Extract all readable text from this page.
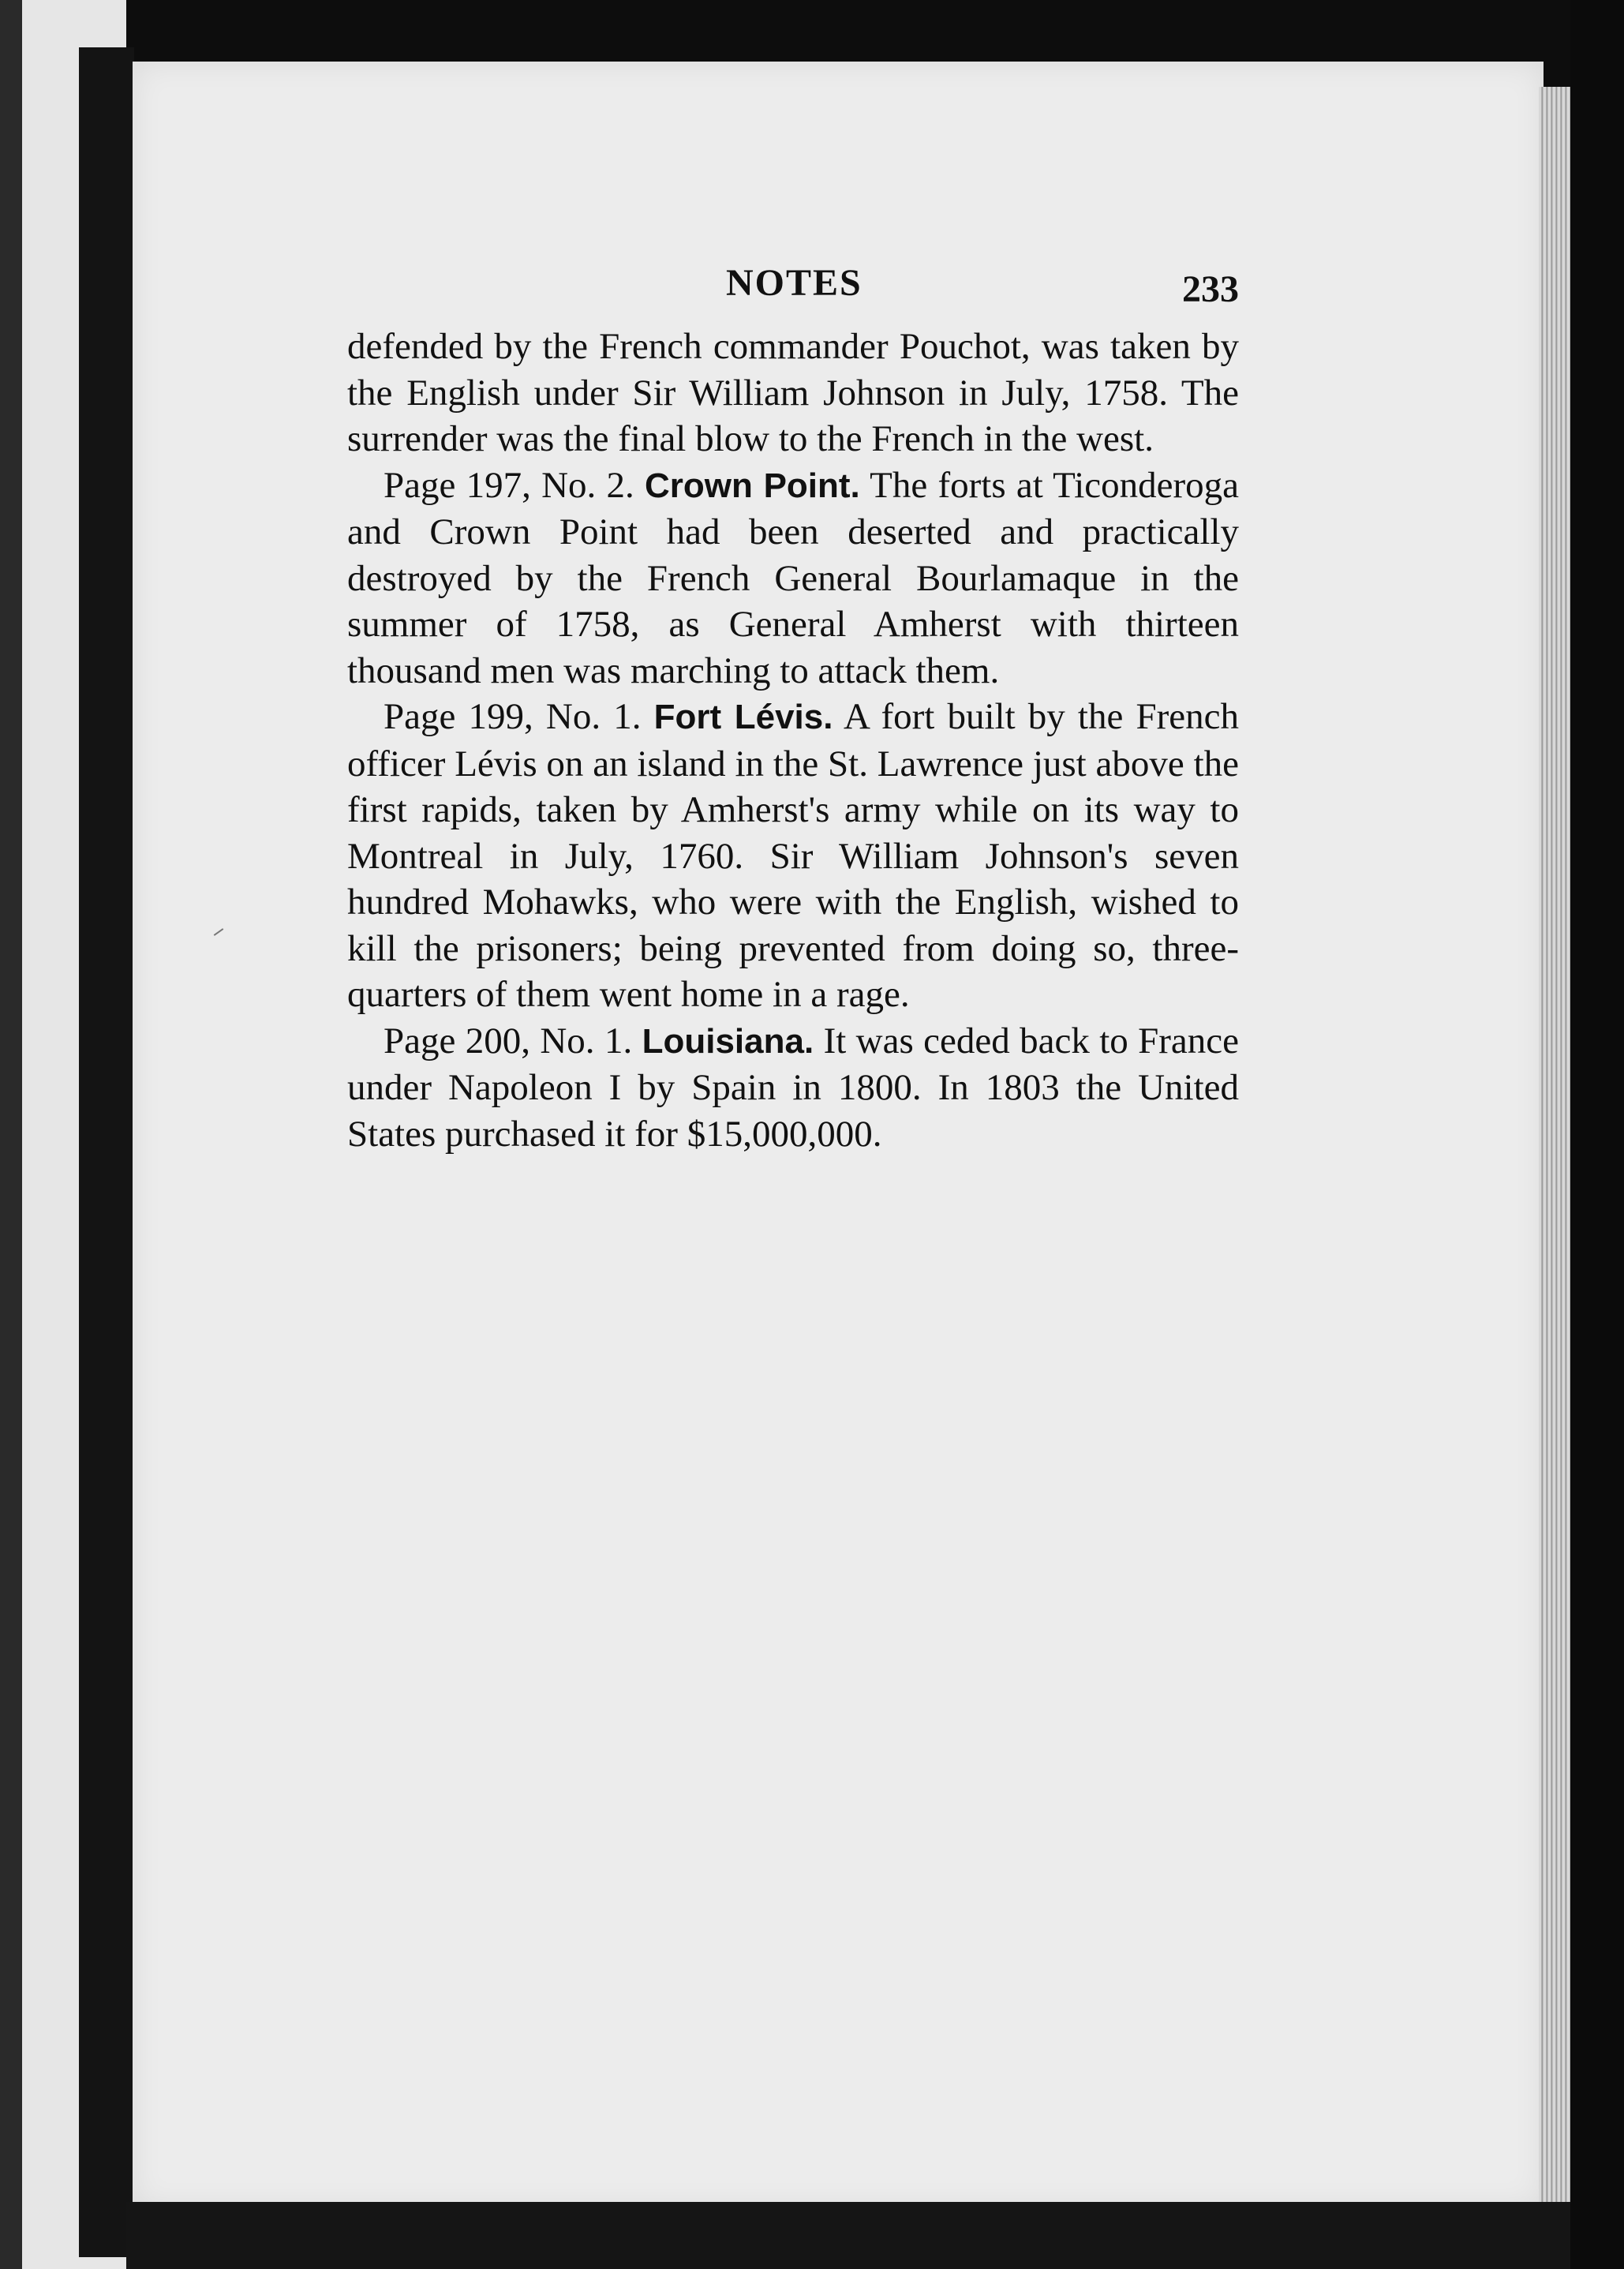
NOTES	233

defended by the French commander Pouchot, was taken by the English under Sir William Johnson in July, 1758. The surrender was the final blow to the French in the west.

Page 197, No. 2. Crown Point. The forts at Ticonderoga and Crown Point had been deserted and practically destroyed by the French General Bourlamaque in the summer of 1758, as General Amherst with thirteen thousand men was marching to attack them.

Page 199, No. 1. Fort Lévis. A fort built by the French officer Lévis on an island in the St. Lawrence just above the first rapids, taken by Amherst's army while on its way to Montreal in July, 1760. Sir William Johnson's seven hundred Mohawks, who were with the English, wished to kill the prisoners; being prevented from doing so, three-quarters of them went home in a rage.

Page 200, No. 1. Louisiana. It was ceded back to France under Napoleon I by Spain in 1800. In 1803 the United States purchased it for $15,000,000.
